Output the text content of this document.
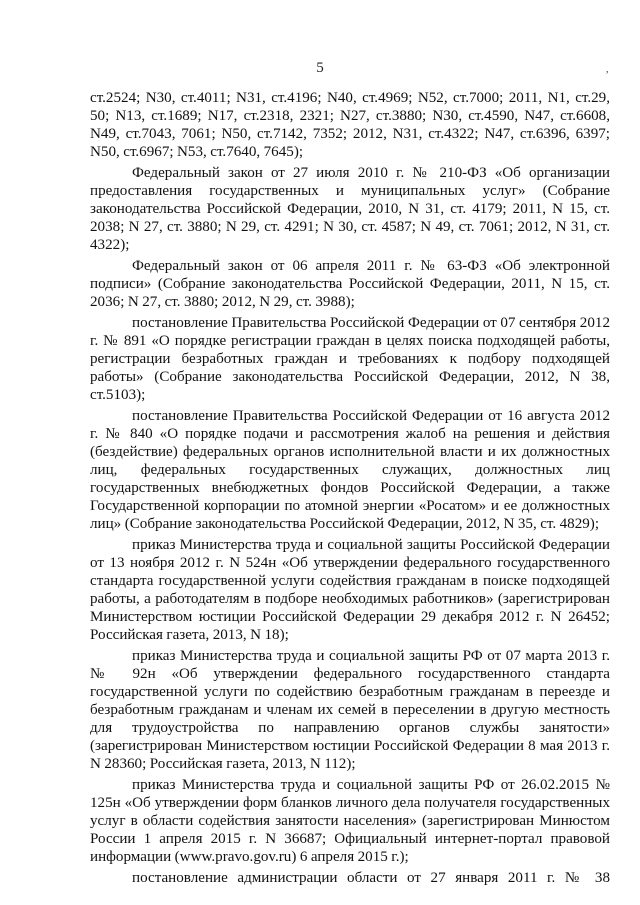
5	,

ст.2524; N30, ст.4011; N31, ст.4196; N40, ст.4969; N52, ст.7000; 2011, N1, ст.29, 50; N13, ст.1689; N17, ст.2318, 2321; N27, ст.3880; N30, ст.4590, N47, ст.6608, N49, ст.7043, 7061; N50, ст.7142, 7352; 2012, N31, ст.4322; N47, ст.6396, 6397; N50, ст.6967; N53, ст.7640, 7645);

Федеральный закон от 27 июля 2010 г. № 210-ФЗ «Об организации предоставления государственных и муниципальных услуг» (Собрание законодательства Российской Федерации, 2010, N 31, ст. 4179; 2011, N 15, ст. 2038; N 27, ст. 3880; N 29, ст. 4291; N 30, ст. 4587; N 49, ст. 7061; 2012, N 31, ст. 4322);

Федеральный закон от 06 апреля 2011 г. № 63-ФЗ «Об электронной подписи» (Собрание законодательства Российской Федерации, 2011, N 15, ст. 2036; N 27, ст. 3880; 2012, N 29, ст. 3988);

постановление Правительства Российской Федерации от 07 сентября 2012 г. № 891 «О порядке регистрации граждан в целях поиска подходящей работы, регистрации безработных граждан и требованиях к подбору подходящей работы» (Собрание законодательства Российской Федерации, 2012, N 38, ст.5103);

постановление Правительства Российской Федерации от 16 августа 2012 г. № 840 «О порядке подачи и рассмотрения жалоб на решения и действия (бездействие) федеральных органов исполнительной власти и их должностных лиц, федеральных государственных служащих, должностных лиц государственных внебюджетных фондов Российской Федерации, а также Государственной корпорации по атомной энергии «Росатом» и ее должностных лиц» (Собрание законодательства Российской Федерации, 2012, N 35, ст. 4829);

приказ Министерства труда и социальной защиты Российской Федерации от 13 ноября 2012 г. N 524н «Об утверждении федерального государственного стандарта государственной услуги содействия гражданам в поиске подходящей работы, а работодателям в подборе необходимых работников» (зарегистрирован Министерством юстиции Российской Федерации 29 декабря 2012 г. N 26452; Российская газета, 2013, N 18);

приказ Министерства труда и социальной защиты РФ от 07 марта 2013 г. № 92н «Об утверждении федерального государственного стандарта государственной услуги по содействию безработным гражданам в переезде и безработным гражданам и членам их семей в переселении в другую местность для трудоустройства по направлению органов службы занятости» (зарегистрирован Министерством юстиции Российской Федерации 8 мая 2013 г. N 28360; Российская газета, 2013, N 112);

приказ Министерства труда и социальной защиты РФ от 26.02.2015 № 125н «Об утверждении форм бланков личного дела получателя государственных услуг в области содействия занятости населения» (зарегистрирован Минюстом России 1 апреля 2015 г. N 36687; Официальный интернет-портал правовой информации (www.pravo.gov.ru) 6 апреля 2015 г.);

постановление администрации области от 27 января 2011 г. № 38
